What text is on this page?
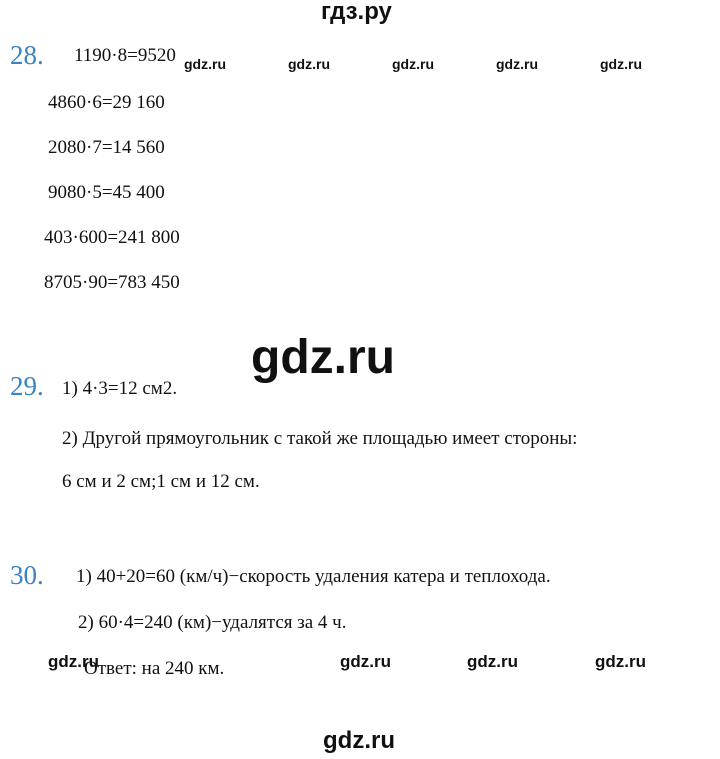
гдз.ру
28. 1190·8=9520
4860·6=29 160
2080·7=14 560
9080·5=45 400
403·600=241 800
8705·90=783 450
gdz.ru	gdz.ru	gdz.ru	gdz.ru	gdz.ru
gdz.ru
29. 1) 4·3=12 см2.
2) Другой прямоугольник с такой же площадью имеет стороны:
6 см и 2 см;1 см и 12 см.
30. 1) 40+20=60 (км/ч)−скорость удаления катера и теплохода.
2) 60·4=240 (км)−удалятся за 4 ч.
Ответ: на 240 км.
gdz.ru	gdz.ru	gdz.ru	gdz.ru
gdz.ru
